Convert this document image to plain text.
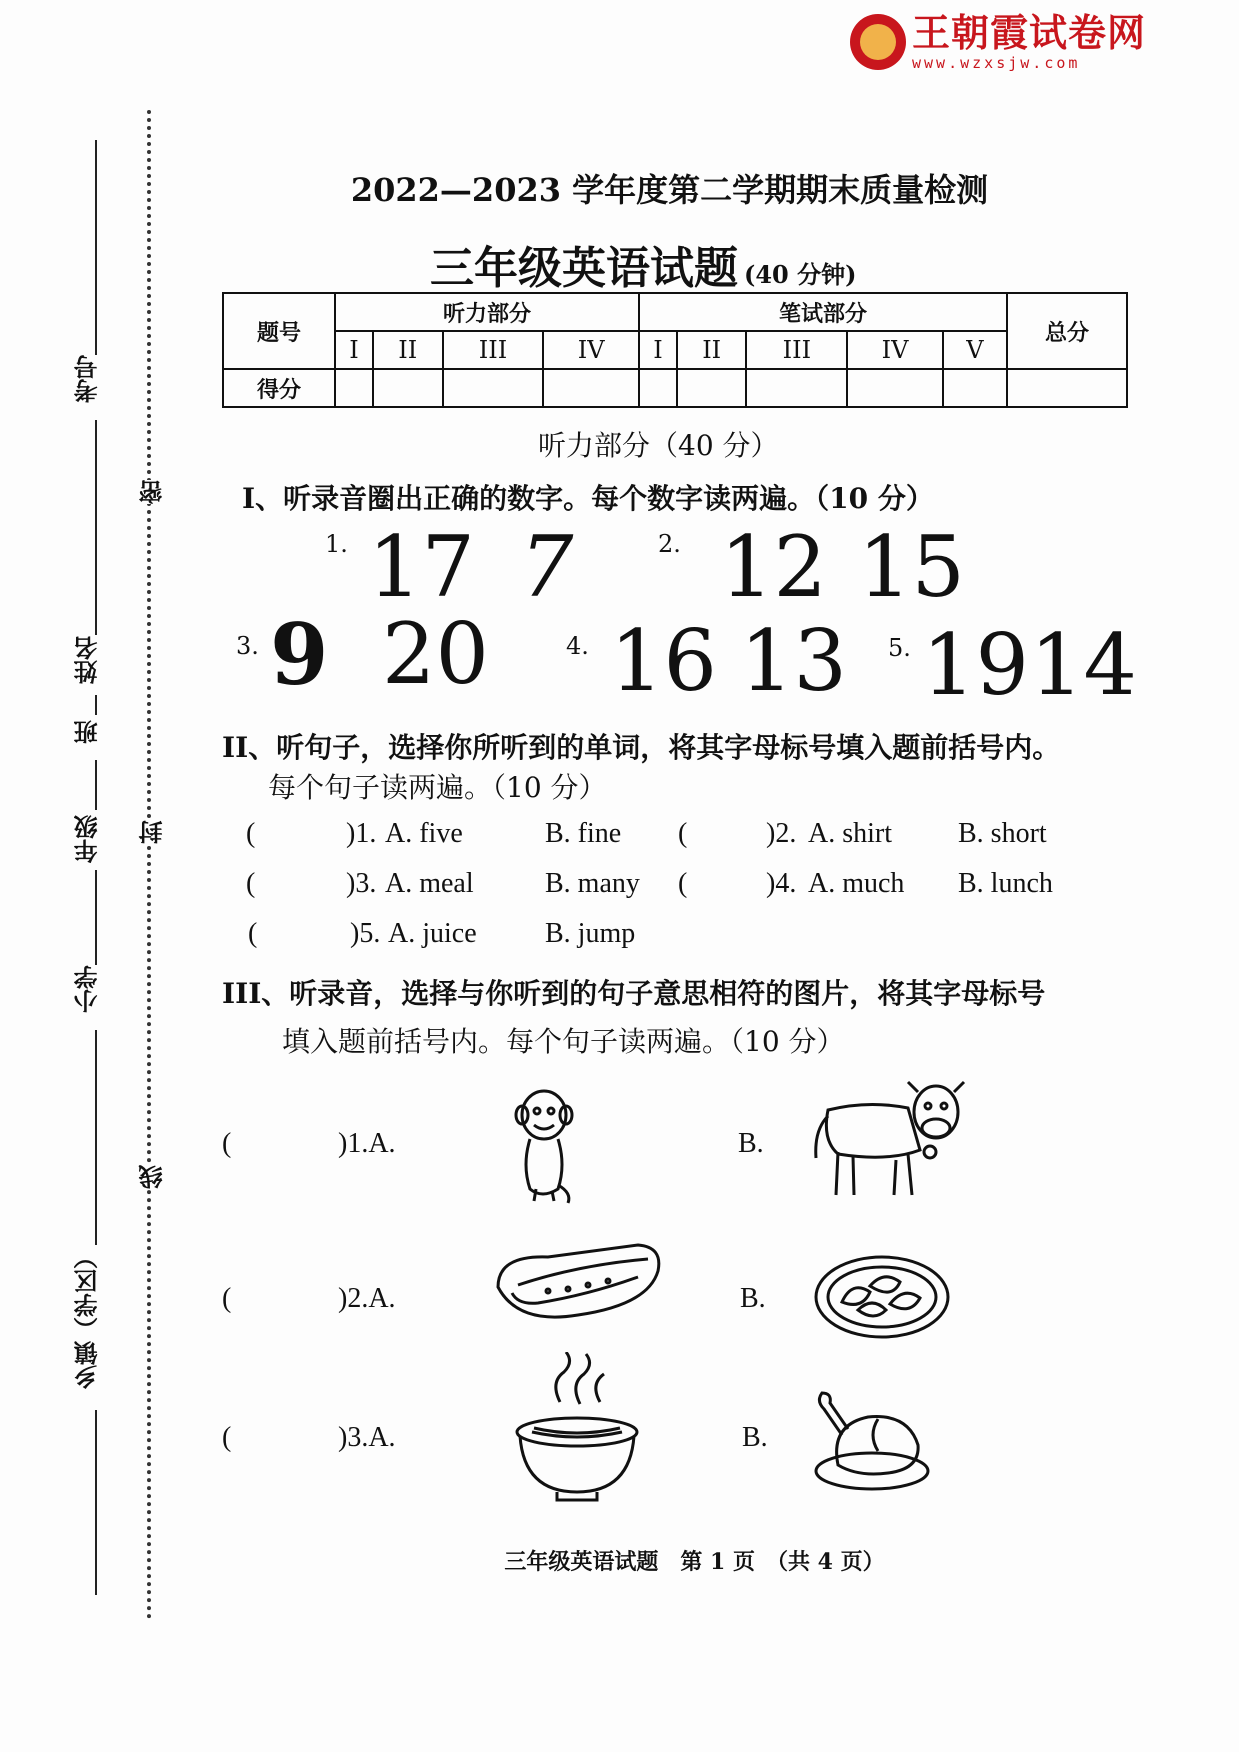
王朝霞试卷网
www.wzxsjw.com
考号
姓名
班
年级
小学
乡镇（学区）
密
封
线
2022—2023 学年度第二学期期末质量检测
三年级英语试题 (40 分钟)
题号	听力部分				笔试部分					总分
	I	II	III	IV	I	II	III	IV	V	
得分										
听力部分（40 分）
I、听录音圈出正确的数字。每个数字读两遍。（10 分）
1. 17 7	2. 12 15
3. 9 20	4. 16 13 5. 19 14
II、听句子，选择你所听到的单词，将其字母标号填入题前括号内。
每个句子读两遍。（10 分）
(	)1. A. five	B. fine (	)2. A. shirt B. short
(	)3. A. meal	B. many (	)4. A. much B. lunch
(	)5. A. juice B. jump
III、听录音，选择与你听到的句子意思相符的图片，将其字母标号
填入题前括号内。每个句子读两遍。（10 分）
(	)1.A.	B.
(	)2.A.	B.
(	)3.A.	B.
三年级英语试题　第 1 页　（共 4 页）
